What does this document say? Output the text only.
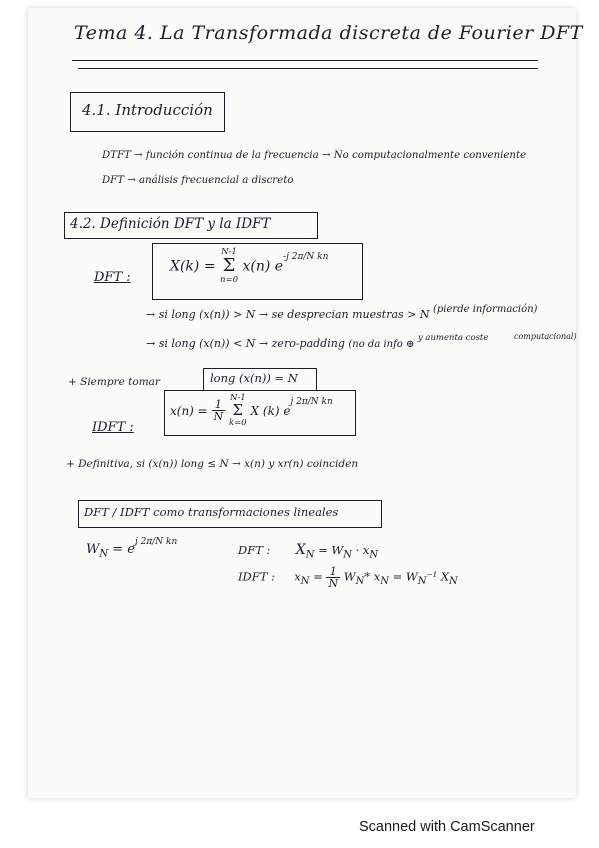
Tema 4. La Transformada discreta de Fourier DFT
4.1. Introducción
DTFT → función continua de la frecuencia → No computacionalmente conveniente
DFT → análisis frecuencial a discreto
4.2. Definición DFT y la IDFT
DFT :
X(k) =
N-1
Σ
n=0
x(n) $e^{-j 2\pi/N kn}$
→ si long (x(n)) > N → se desprecian muestras > N (pierde información)
→ si long (x(n)) < N → zero-padding (no da info ⊕ $^{y aumenta coste}$	computacional)
+ Siempre tomar	long (x(n)) = N
IDFT :
$x(n) = \frac{1}{N}$

N-1
Σ
k=0
X (k) $e^{j 2\pi/N kn}$
+ Definitiva, si (x(n)) long ≤ N → x(n) y xr(n) coinciden
DFT / IDFT como transformaciones lineales
$W_N = e^{j 2\pi/N kn}$
DFT : $X_N = W_N \cdot x_N$
IDFT : $x_N = \frac{1}{N} W_N*$ $x_N = W_N^{-1}$ $X_N$
Scanned with CamScanner
